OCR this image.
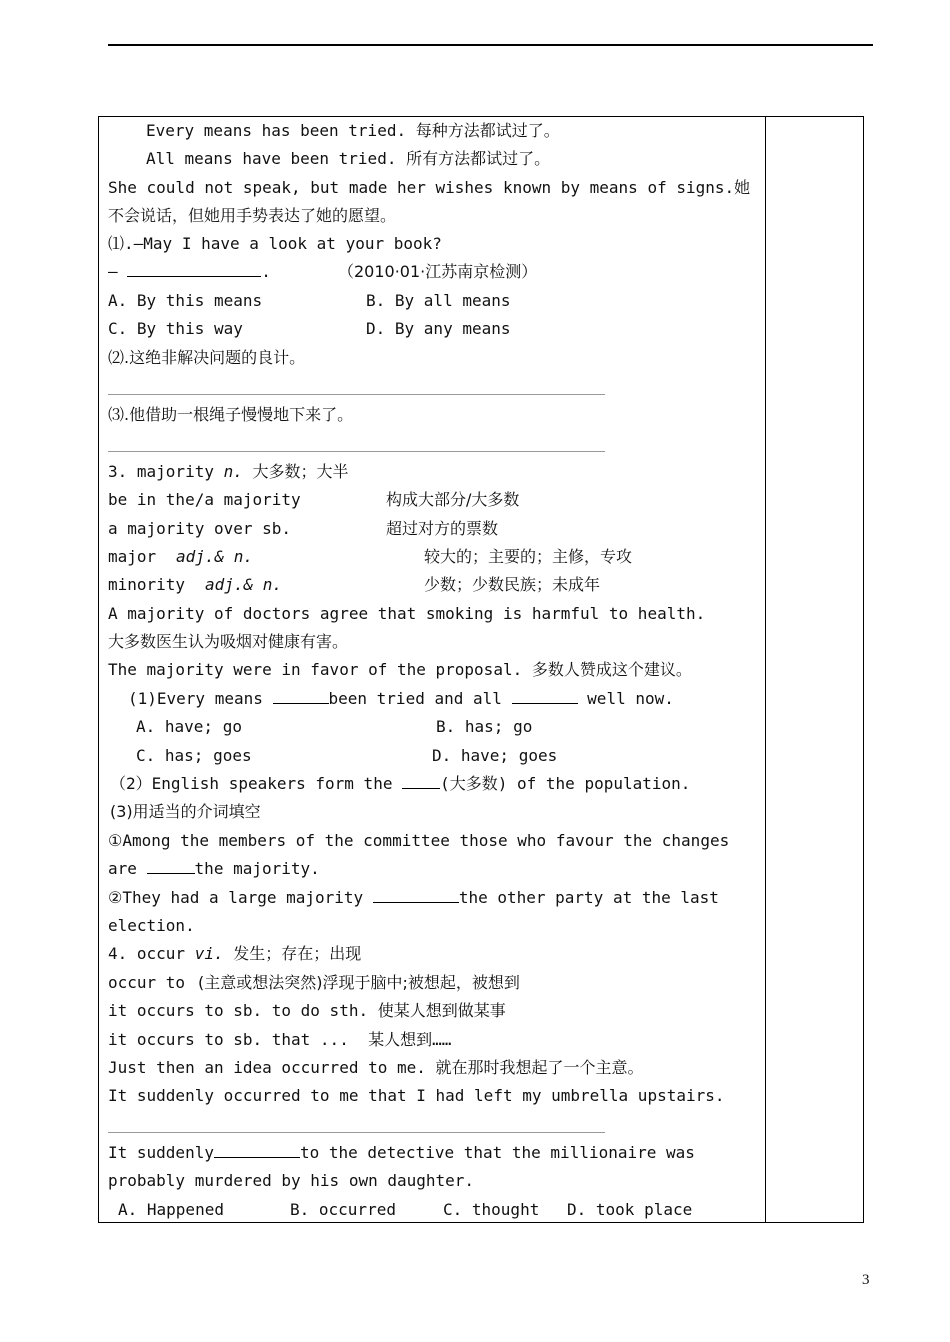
Every means has been tried. 每种方法都试过了。
All means have been tried. 所有方法都试过了。
She could not speak, but made her wishes known by means of signs.她
不会说话，但她用手势表达了她的愿望。
⑴.—May I have a look at your book?
—	.	（2010·01·江苏南京检测）
A. By this means	B. By all means
C. By this way	D. By any means
⑵.这绝非解决问题的良计。
⑶.他借助一根绳子慢慢地下来了。
3. majority n. 大多数；大半
be in the/a majority	构成大部分/大多数
a majority over sb.	超过对方的票数
major adj.& n.	较大的；主要的；主修，专攻
minority adj.& n.	少数；少数民族；未成年
A majority of doctors agree that smoking is harmful to health.
大多数医生认为吸烟对健康有害。
The majority were in favor of the proposal. 多数人赞成这个建议。
(1)Every means	been tried and all	well now.
A. have; go	B. has; go
C. has; goes	D. have; goes
（2）English speakers form the	(大多数) of the population.
(3)用适当的介词填空
①Among the members of the committee those who favour the changes
are	the majority.
②They had a large majority	the other party at the last
election.
4. occur vi. 发生；存在；出现
occur to (主意或想法突然)浮现于脑中;被想起，被想到
it occurs to sb. to do sth. 使某人想到做某事
it occurs to sb. that ...  某人想到……
Just then an idea occurred to me. 就在那时我想起了一个主意。
It suddenly occurred to me that I had left my umbrella upstairs.
It suddenly	to the detective that the millionaire was
probably murdered by his own daughter.
A. Happened	B. occurred	C. thought D. took place
3
